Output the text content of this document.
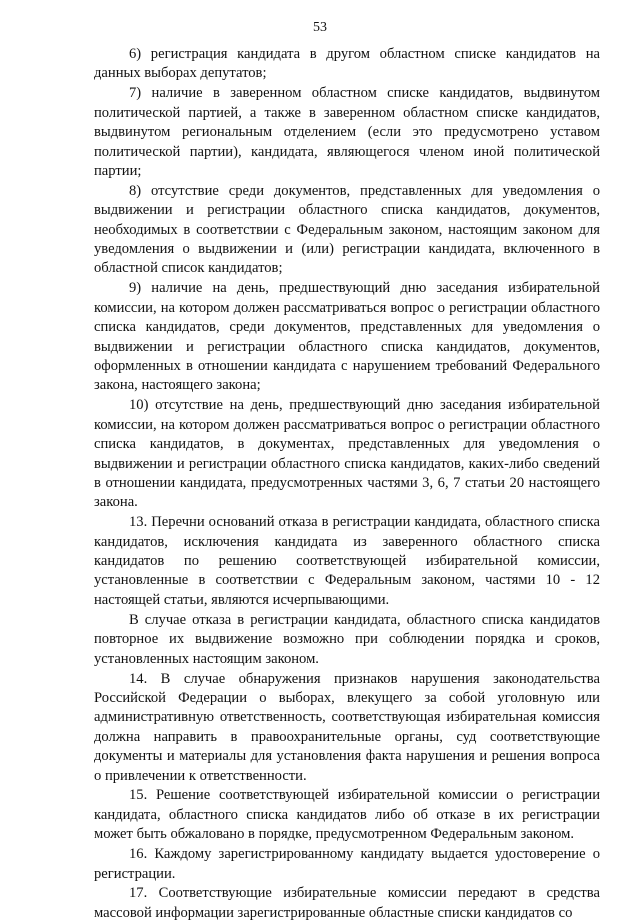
53

6) регистрация кандидата в другом областном списке кандидатов на данных выборах депутатов;

7) наличие в заверенном областном списке кандидатов, выдвинутом политической партией, а также в заверенном областном списке кандидатов, выдвинутом региональным отделением (если это предусмотрено уставом политической партии), кандидата, являющегося членом иной политической партии;

8) отсутствие среди документов, представленных для уведомления о выдвижении и регистрации областного списка кандидатов, документов, необходимых в соответствии с Федеральным законом, настоящим законом для уведомления о выдвижении и (или) регистрации кандидата, включенного в областной список кандидатов;

9) наличие на день, предшествующий дню заседания избирательной комиссии, на котором должен рассматриваться вопрос о регистрации областного списка кандидатов, среди документов, представленных для уведомления о выдвижении и регистрации областного списка кандидатов, документов, оформленных в отношении кандидата с нарушением требований Федерального закона, настоящего закона;

10) отсутствие на день, предшествующий дню заседания избирательной комиссии, на котором должен рассматриваться вопрос о регистрации областного списка кандидатов, в документах, представленных для уведомления о выдвижении и регистрации областного списка кандидатов, каких-либо сведений в отношении кандидата, предусмотренных частями 3, 6, 7 статьи 20 настоящего закона.

13. Перечни оснований отказа в регистрации кандидата, областного списка кандидатов, исключения кандидата из заверенного областного списка кандидатов по решению соответствующей избирательной комиссии, установленные в соответствии с Федеральным законом, частями 10 - 12 настоящей статьи, являются исчерпывающими.

В случае отказа в регистрации кандидата, областного списка кандидатов повторное их выдвижение возможно при соблюдении порядка и сроков, установленных настоящим законом.

14. В случае обнаружения признаков нарушения законодательства Российской Федерации о выборах, влекущего за собой уголовную или административную ответственность, соответствующая избирательная комиссия должна направить в правоохранительные органы, суд соответствующие документы и материалы для установления факта нарушения и решения вопроса о привлечении к ответственности.

15. Решение соответствующей избирательной комиссии о регистрации кандидата, областного списка кандидатов либо об отказе в их регистрации может быть обжаловано в порядке, предусмотренном Федеральным законом.

16. Каждому зарегистрированному кандидату выдается удостоверение о регистрации.

17. Соответствующие избирательные комиссии передают в средства массовой информации зарегистрированные областные списки кандидатов со
